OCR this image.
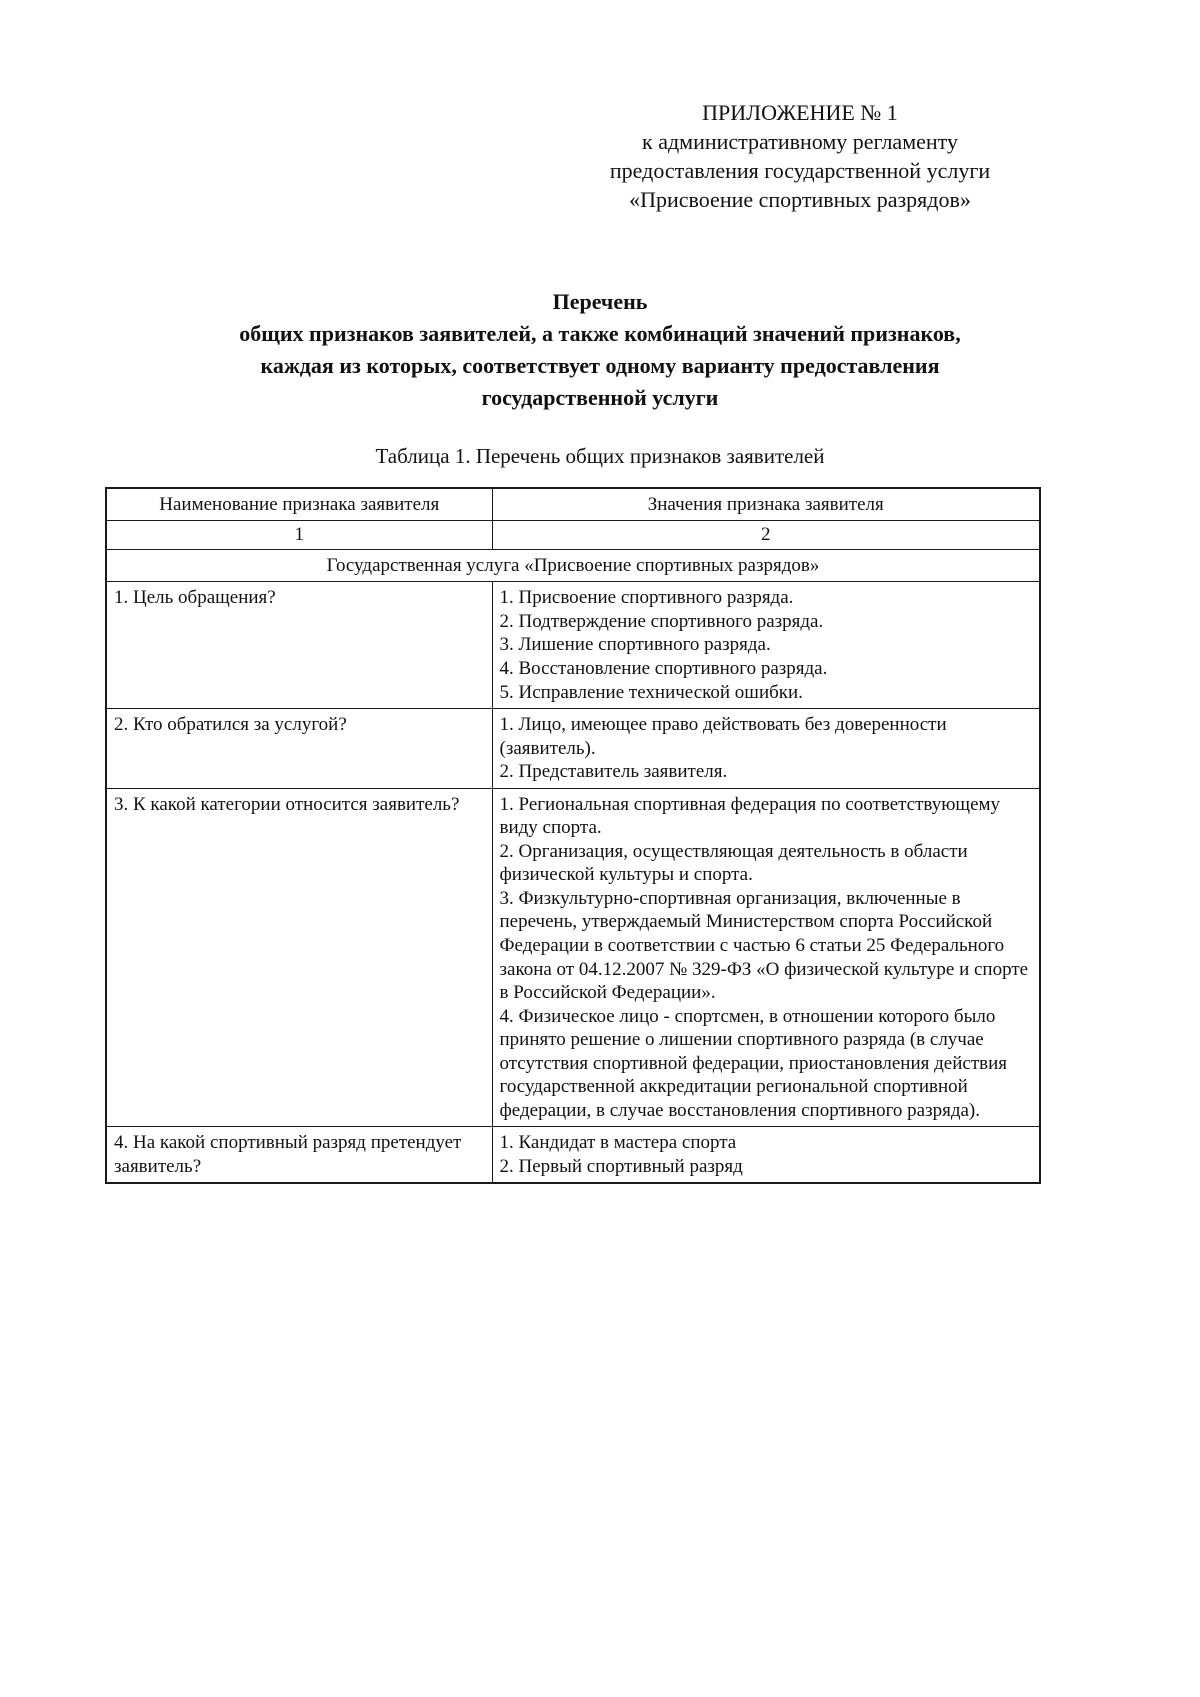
ПРИЛОЖЕНИЕ № 1
к административному регламенту
предоставления государственной услуги
«Присвоение спортивных разрядов»
Перечень
общих признаков заявителей, а также комбинаций значений признаков,
каждая из которых, соответствует одному варианту предоставления
государственной услуги
Таблица 1. Перечень общих признаков заявителей
Наименование признака заявителя	Значения признака заявителя
1	2
Государственная услуга «Присвоение спортивных разрядов»	
1. Цель обращения?	1. Присвоение спортивного разряда.
2. Подтверждение спортивного разряда.
3. Лишение спортивного разряда.
4. Восстановление спортивного разряда.
5. Исправление технической ошибки.

2. Кто обратился за услугой?	1. Лицо, имеющее право действовать без доверенности (заявитель).
2. Представитель заявителя.

3. К какой категории относится заявитель?	1. Региональная спортивная федерация по соответствующему виду спорта.
2. Организация, осуществляющая деятельность в области физической культуры и спорта.
3. Физкультурно-спортивная организация, включенные в перечень, утверждаемый Министерством спорта Российской Федерации в соответствии с частью 6 статьи 25 Федерального закона от 04.12.2007 № 329-ФЗ «О физической культуре и спорте в Российской Федерации».
4. Физическое лицо - спортсмен, в отношении которого было принято решение о лишении спортивного разряда (в случае отсутствия спортивной федерации, приостановления действия государственной аккредитации региональной спортивной федерации, в случае восстановления спортивного разряда).

4. На какой спортивный разряд претендует заявитель?	1. Кандидат в мастера спорта
2. Первый спортивный разряд
